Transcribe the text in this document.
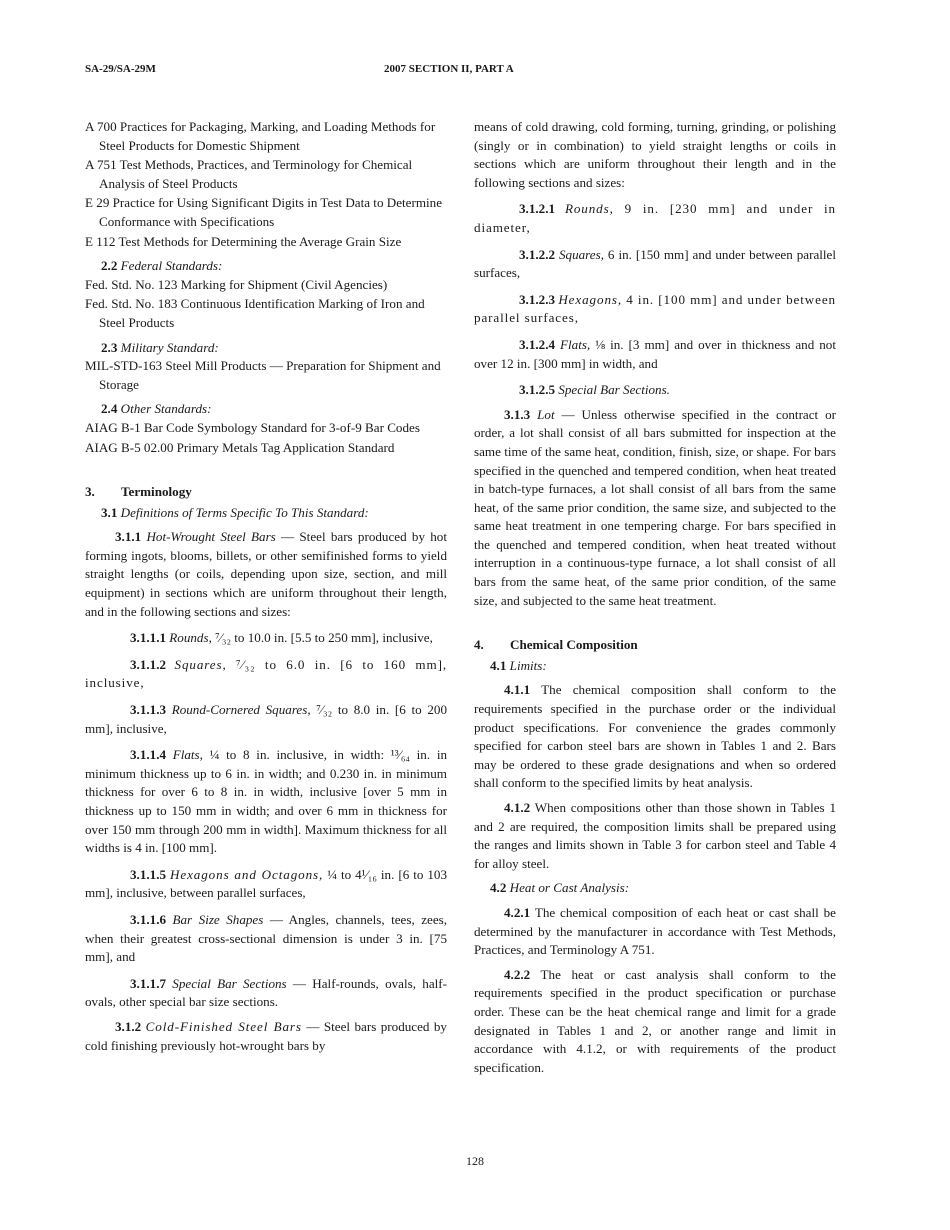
SA-29/SA-29M	2007 SECTION II, PART A

A 700 Practices for Packaging, Marking, and Loading Methods for Steel Products for Domestic Shipment

A 751 Test Methods, Practices, and Terminology for Chemical Analysis of Steel Products

E 29 Practice for Using Significant Digits in Test Data to Determine Conformance with Specifications

E 112 Test Methods for Determining the Average Grain Size

2.2 Federal Standards:

Fed. Std. No. 123 Marking for Shipment (Civil Agencies)

Fed. Std. No. 183 Continuous Identification Marking of Iron and Steel Products

2.3 Military Standard:

MIL-STD-163 Steel Mill Products — Preparation for Shipment and Storage

2.4 Other Standards:

AIAG B-1 Bar Code Symbology Standard for 3-of-9 Bar Codes

AIAG B-5 02.00 Primary Metals Tag Application Standard

3. Terminology

3.1 Definitions of Terms Specific To This Standard:

3.1.1 Hot-Wrought Steel Bars — Steel bars produced by hot forming ingots, blooms, billets, or other semifinished forms to yield straight lengths (or coils, depending upon size, section, and mill equipment) in sections which are uniform throughout their length, and in the following sections and sizes:

3.1.1.1 Rounds, ⁷⁄₃₂ to 10.0 in. [5.5 to 250 mm], inclusive,

3.1.1.2 Squares, ⁷⁄₃₂ to 6.0 in. [6 to 160 mm], inclusive,

3.1.1.3 Round-Cornered Squares, ⁷⁄₃₂ to 8.0 in. [6 to 200 mm], inclusive,

3.1.1.4 Flats, ¼ to 8 in. inclusive, in width: ¹³⁄₆₄ in. in minimum thickness up to 6 in. in width; and 0.230 in. in minimum thickness for over 6 to 8 in. in width, inclusive [over 5 mm in thickness up to 150 mm in width; and over 6 mm in thickness for over 150 mm through 200 mm in width]. Maximum thickness for all widths is 4 in. [100 mm].

3.1.1.5 Hexagons and Octagons, ¼ to 4¹⁄₁₆ in. [6 to 103 mm], inclusive, between parallel surfaces,

3.1.1.6 Bar Size Shapes — Angles, channels, tees, zees, when their greatest cross-sectional dimension is under 3 in. [75 mm], and

3.1.1.7 Special Bar Sections — Half-rounds, ovals, half-ovals, other special bar size sections.

3.1.2 Cold-Finished Steel Bars — Steel bars produced by cold finishing previously hot-wrought bars by

means of cold drawing, cold forming, turning, grinding, or polishing (singly or in combination) to yield straight lengths or coils in sections which are uniform throughout their length and in the following sections and sizes:

3.1.2.1 Rounds, 9 in. [230 mm] and under in diameter,

3.1.2.2 Squares, 6 in. [150 mm] and under between parallel surfaces,

3.1.2.3 Hexagons, 4 in. [100 mm] and under between parallel surfaces,

3.1.2.4 Flats, ⅛ in. [3 mm] and over in thickness and not over 12 in. [300 mm] in width, and

3.1.2.5 Special Bar Sections.

3.1.3 Lot — Unless otherwise specified in the contract or order, a lot shall consist of all bars submitted for inspection at the same time of the same heat, condition, finish, size, or shape. For bars specified in the quenched and tempered condition, when heat treated in batch-type furnaces, a lot shall consist of all bars from the same heat, of the same prior condition, the same size, and subjected to the same heat treatment in one tempering charge. For bars specified in the quenched and tempered condition, when heat treated without interruption in a continuous-type furnace, a lot shall consist of all bars from the same heat, of the same prior condition, of the same size, and subjected to the same heat treatment.

4. Chemical Composition

4.1 Limits:

4.1.1 The chemical composition shall conform to the requirements specified in the purchase order or the individual product specifications. For convenience the grades commonly specified for carbon steel bars are shown in Tables 1 and 2. Bars may be ordered to these grade designations and when so ordered shall conform to the specified limits by heat analysis.

4.1.2 When compositions other than those shown in Tables 1 and 2 are required, the composition limits shall be prepared using the ranges and limits shown in Table 3 for carbon steel and Table 4 for alloy steel.

4.2 Heat or Cast Analysis:

4.2.1 The chemical composition of each heat or cast shall be determined by the manufacturer in accordance with Test Methods, Practices, and Terminology A 751.

4.2.2 The heat or cast analysis shall conform to the requirements specified in the product specification or purchase order. These can be the heat chemical range and limit for a grade designated in Tables 1 and 2, or another range and limit in accordance with 4.1.2, or with requirements of the product specification.

128
